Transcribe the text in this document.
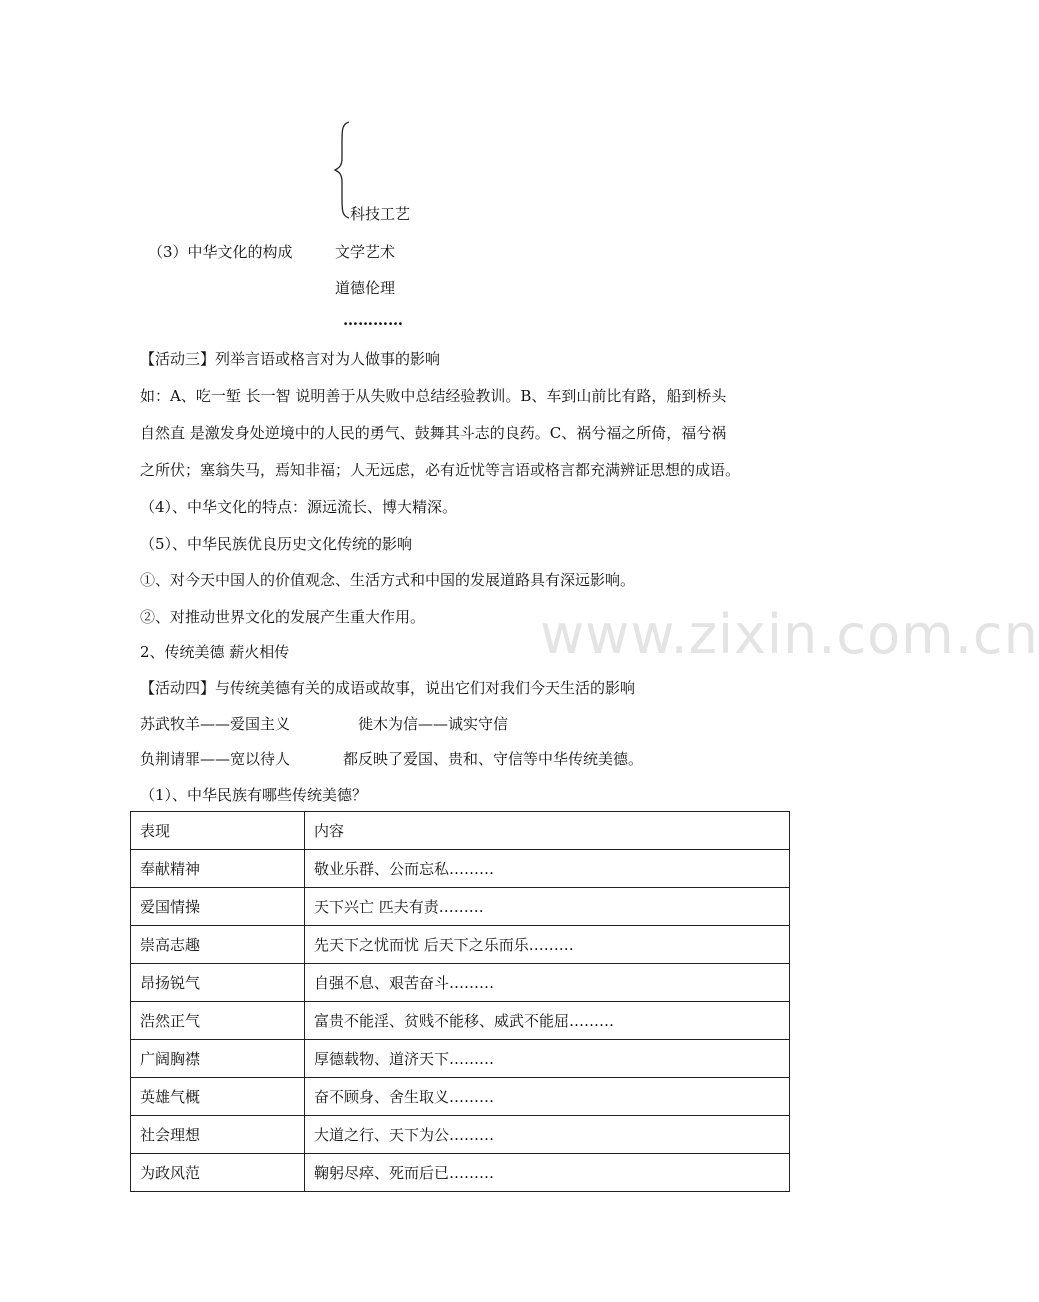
www.zixin.com.cn
科技工艺
（3）中华文化的构成	文学艺术
道德伦理
…………
【活动三】列举言语或格言对为人做事的影响
如：A、吃一堑 长一智 说明善于从失败中总结经验教训。B、车到山前比有路，船到桥头
自然直 是激发身处逆境中的人民的勇气、鼓舞其斗志的良药。C、祸兮福之所倚，福兮祸
之所伏；塞翁失马，焉知非福；人无远虑，必有近忧等言语或格言都充满辨证思想的成语。
（4）、中华文化的特点：源远流长、博大精深。
（5）、中华民族优良历史文化传统的影响
①、对今天中国人的价值观念、生活方式和中国的发展道路具有深远影响。
②、对推动世界文化的发展产生重大作用。
2、传统美德 薪火相传
【活动四】与传统美德有关的成语或故事，说出它们对我们今天生活的影响
苏武牧羊——爱国主义	徙木为信——诚实守信
负荆请罪——宽以待人	都反映了爱国、贵和、守信等中华传统美德。
（1）、中华民族有哪些传统美德？
表现	内容
奉献精神	敬业乐群、公而忘私………
爱国情操	天下兴亡 匹夫有责………
崇高志趣	先天下之忧而忧 后天下之乐而乐………
昂扬锐气	自强不息、艰苦奋斗………
浩然正气	富贵不能淫、贫贱不能移、威武不能屈………
广阔胸襟	厚德载物、道济天下………
英雄气概	奋不顾身、舍生取义………
社会理想	大道之行、天下为公………
为政风范	鞠躬尽瘁、死而后已………
